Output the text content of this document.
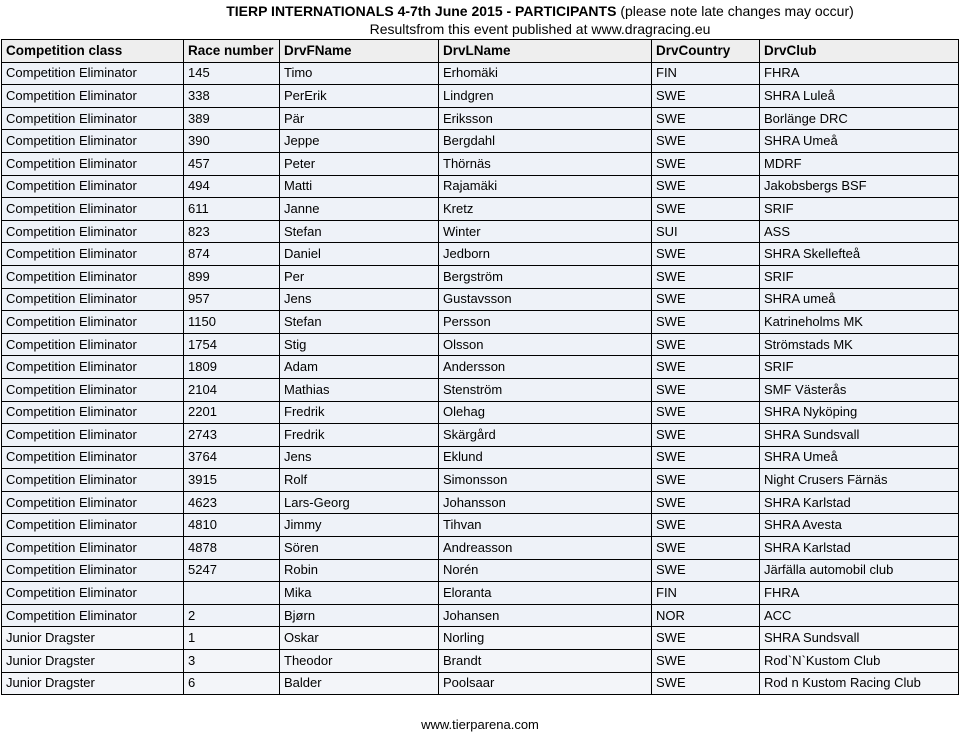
TIERP INTERNATIONALS 4-7th June 2015 - PARTICIPANTS (please note late changes may occur)
Resultsfrom this event published at www.dragracing.eu
Competition class	Race number	DrvFName	DrvLName	DrvCountry	DrvClub
Competition Eliminator	145	Timo	Erhomäki	FIN	FHRA
Competition Eliminator	338	PerErik	Lindgren	SWE	SHRA Luleå
Competition Eliminator	389	Pär	Eriksson	SWE	Borlänge DRC
Competition Eliminator	390	Jeppe	Bergdahl	SWE	SHRA Umeå
Competition Eliminator	457	Peter	Thörnäs	SWE	MDRF
Competition Eliminator	494	Matti	Rajamäki	SWE	Jakobsbergs BSF
Competition Eliminator	611	Janne	Kretz	SWE	SRIF
Competition Eliminator	823	Stefan	Winter	SUI	ASS
Competition Eliminator	874	Daniel	Jedborn	SWE	SHRA Skellefteå
Competition Eliminator	899	Per	Bergström	SWE	SRIF
Competition Eliminator	957	Jens	Gustavsson	SWE	SHRA umeå
Competition Eliminator	1150	Stefan	Persson	SWE	Katrineholms MK
Competition Eliminator	1754	Stig	Olsson	SWE	Strömstads MK
Competition Eliminator	1809	Adam	Andersson	SWE	SRIF
Competition Eliminator	2104	Mathias	Stenström	SWE	SMF Västerås
Competition Eliminator	2201	Fredrik	Olehag	SWE	SHRA Nyköping
Competition Eliminator	2743	Fredrik	Skärgård	SWE	SHRA Sundsvall
Competition Eliminator	3764	Jens	Eklund	SWE	SHRA Umeå
Competition Eliminator	3915	Rolf	Simonsson	SWE	Night Crusers Färnäs
Competition Eliminator	4623	Lars-Georg	Johansson	SWE	SHRA Karlstad
Competition Eliminator	4810	Jimmy	Tihvan	SWE	SHRA Avesta
Competition Eliminator	4878	Sören	Andreasson	SWE	SHRA Karlstad
Competition Eliminator	5247	Robin	Norén	SWE	Järfälla automobil club
Competition Eliminator		Mika	Eloranta	FIN	FHRA
Competition Eliminator	2	Bjørn	Johansen	NOR	ACC
Junior Dragster	1	Oskar	Norling	SWE	SHRA Sundsvall
Junior Dragster	3	Theodor	Brandt	SWE	Rod`N`Kustom Club
Junior Dragster	6	Balder	Poolsaar	SWE	Rod n Kustom Racing Club
www.tierparena.com
